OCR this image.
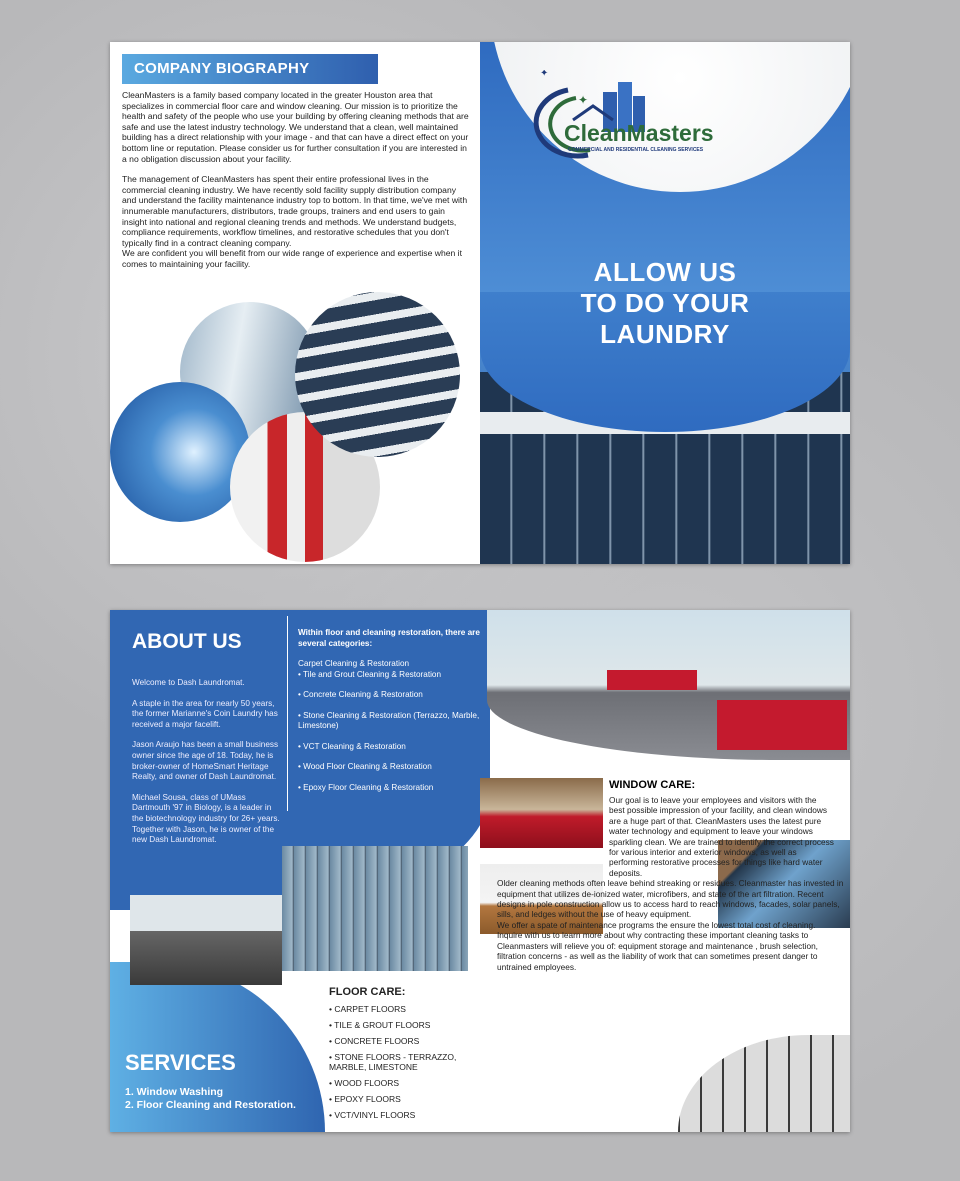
COMPANY BIOGRAPHY

CleanMasters is a family based company located in the greater Houston area that specializes in commercial floor care and window cleaning. Our mission is to prioritize the health and safety of the people who use your building by offering cleaning methods that are safe and use the latest industry technology. We understand that a clean, well maintained building has a direct relationship with your image - and that can have a direct effect on your bottom line or reputation. Please consider us for further consultation if you are interested in a no obligation discussion about your facility.

The management of CleanMasters has spent their entire professional lives in the commercial cleaning industry. We have recently sold facility supply distribution company and understand the facility maintenance industry top to bottom. In that time, we've met with innumerable manufacturers, distributors, trade groups, trainers and end users to gain insight into national and regional cleaning trends and methods. We understand budgets, compliance requirements, workflow timelines, and restorative schedules that you don't typically find in a contract cleaning company.

We are confident you will benefit from our wide range of experience and expertise when it comes to maintaining your facility.

✦
✦
CleanMasters
COMMERCIAL AND RESIDENTIAL CLEANING SERVICES
ALLOW US
TO DO YOUR
LAUNDRY
ABOUT US

Welcome to Dash Laundromat.

A staple in the area for nearly 50 years, the former Marianne's Coin Laundry has received a major facelift.

Jason Araujo has been a small business owner since the age of 18. Today, he is broker-owner of HomeSmart Heritage Realty, and owner of Dash Laundromat.

Michael Sousa, class of UMass Dartmouth '97 in Biology, is a leader in the biotechnology industry for 26+ years. Together with Jason, he is owner of the new Dash Laundromat.

Within floor and cleaning restoration, there are several categories:
Carpet Cleaning & Restoration
• Tile and Grout Cleaning & Restoration
• Concrete Cleaning & Restoration
• Stone Cleaning & Restoration (Terrazzo, Marble, Limestone)
• VCT Cleaning & Restoration
• Wood Floor Cleaning & Restoration
• Epoxy Floor Cleaning & Restoration
SERVICES
1. Window Washing
2. Floor Cleaning and Restoration.
FLOOR CARE:
• CARPET FLOORS
• TILE & GROUT FLOORS
• CONCRETE FLOORS
• STONE FLOORS - TERRAZZO, MARBLE, LIMESTONE
• WOOD FLOORS
• EPOXY FLOORS
• VCT/VINYL FLOORS
WINDOW CARE:

Our goal is to leave your employees and visitors with the best possible impression of your facility, and clean windows are a huge part of that. CleanMasters uses the latest pure water technology and equipment to leave your windows sparkling clean. We are trained to identify the correct process for various interior and exterior windows, as well as performing restorative processes for things like hard water deposits.

Older cleaning methods often leave behind streaking or residues. Cleanmaster has invested in equipment that utilizes de-ionized water, microfibers, and state of the art filtration. Recent designs in pole construction allow us to access hard to reach windows, facades, solar panels, sills, and ledges without the use of heavy equipment.

We offer a spate of maintenance programs the ensure the lowest total cost of cleaning. Inquire with us to learn more about why contracting these important cleaning tasks to Cleanmasters will relieve you of: equipment storage and maintenance , brush selection, filtration concerns - as well as the liability of work that can sometimes present danger to untrained employees.
